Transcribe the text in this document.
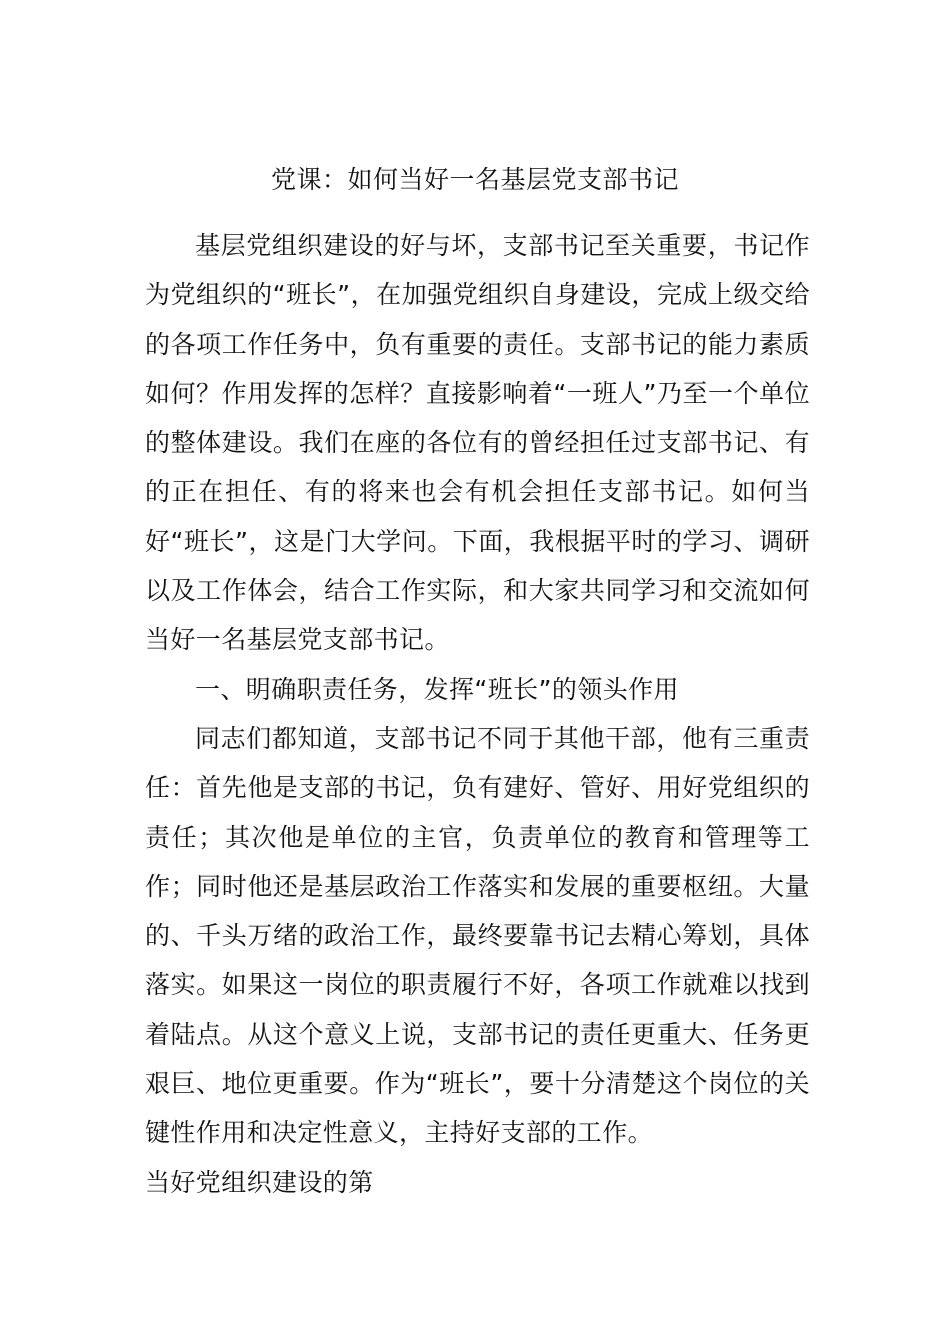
党课：如何当好一名基层党支部书记

基层党组织建设的好与坏，支部书记至关重要，书记作为党组织的“班长”，在加强党组织自身建设，完成上级交给的各项工作任务中，负有重要的责任。支部书记的能力素质如何？作用发挥的怎样？直接影响着“一班人”乃至一个单位的整体建设。我们在座的各位有的曾经担任过支部书记、有的正在担任、有的将来也会有机会担任支部书记。如何当好“班长”，这是门大学问。下面，我根据平时的学习、调研以及工作体会，结合工作实际，和大家共同学习和交流如何当好一名基层党支部书记。

一、明确职责任务，发挥“班长”的领头作用

同志们都知道，支部书记不同于其他干部，他有三重责任：首先他是支部的书记，负有建好、管好、用好党组织的责任；其次他是单位的主官，负责单位的教育和管理等工作；同时他还是基层政治工作落实和发展的重要枢纽。大量的、千头万绪的政治工作，最终要靠书记去精心筹划，具体落实。如果这一岗位的职责履行不好，各项工作就难以找到着陆点。从这个意义上说，支部书记的责任更重大、任务更艰巨、地位更重要。作为“班长”，要十分清楚这个岗位的关键性作用和决定性意义，主持好支部的工作。

当好党组织建设的第
